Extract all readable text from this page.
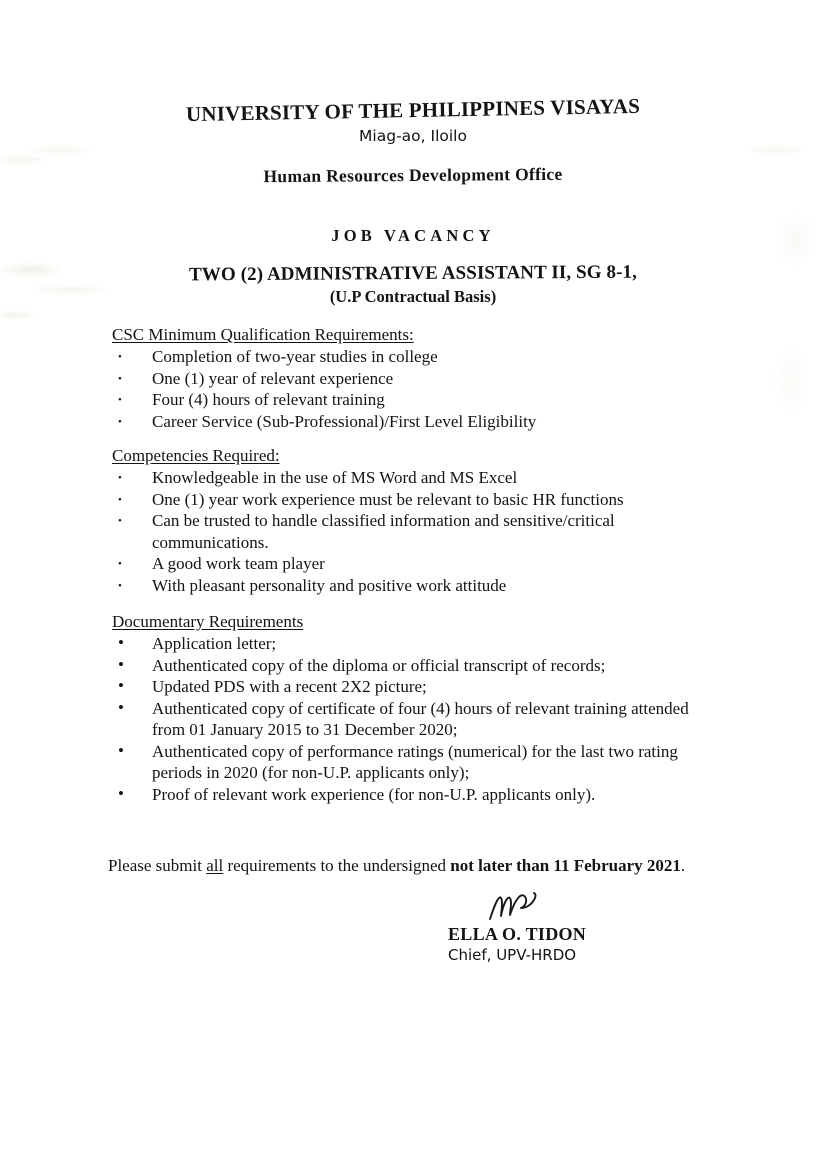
UNIVERSITY OF THE PHILIPPINES VISAYAS
Miag-ao, Iloilo
Human Resources Development Office
JOB VACANCY
TWO (2) ADMINISTRATIVE ASSISTANT II, SG 8-1,
(U.P Contractual Basis)
CSC Minimum Qualification Requirements:
• Completion of two-year studies in college
• One (1) year of relevant experience
• Four (4) hours of relevant training
• Career Service (Sub-Professional)/First Level Eligibility
Competencies Required:
• Knowledgeable in the use of MS Word and MS Excel
• One (1) year work experience must be relevant to basic HR functions
• Can be trusted to handle classified information and sensitive/critical communications.
• A good work team player
• With pleasant personality and positive work attitude
Documentary Requirements
• Application letter;
• Authenticated copy of the diploma or official transcript of records;
• Updated PDS with a recent 2X2 picture;
• Authenticated copy of certificate of four (4) hours of relevant training attended from 01 January 2015 to 31 December 2020;
• Authenticated copy of performance ratings (numerical) for the last two rating periods in 2020 (for non-U.P. applicants only);
• Proof of relevant work experience (for non-U.P. applicants only).

Please submit all requirements to the undersigned not later than 11 February 2021.

ELLA O. TIDON
Chief, UPV-HRDO
